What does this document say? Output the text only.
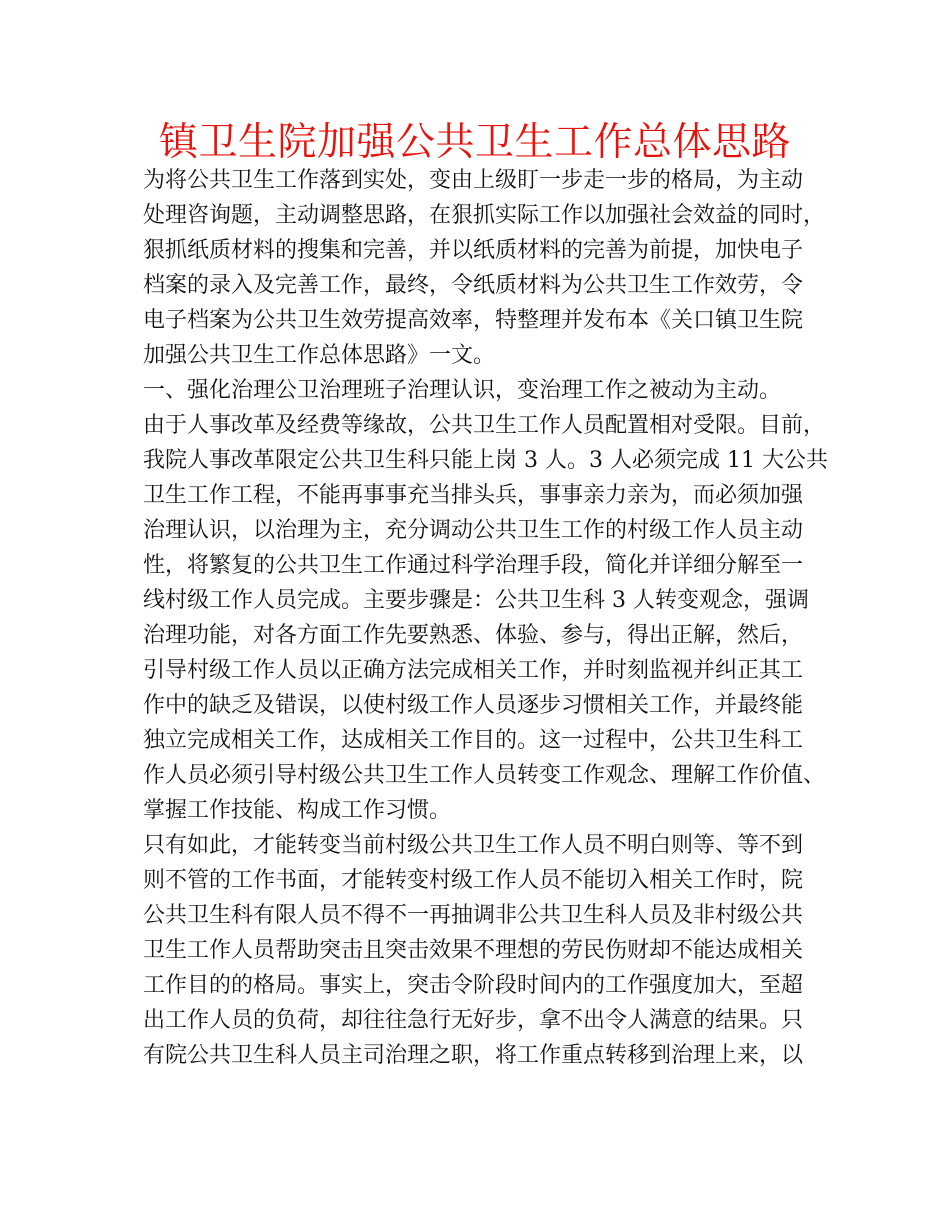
镇卫生院加强公共卫生工作总体思路

为将公共卫生工作落到实处，变由上级盯一步走一步的格局，为主动

处理咨询题，主动调整思路，在狠抓实际工作以加强社会效益的同时，

狠抓纸质材料的搜集和完善，并以纸质材料的完善为前提，加快电子

档案的录入及完善工作，最终，令纸质材料为公共卫生工作效劳，令

电子档案为公共卫生效劳提高效率，特整理并发布本《关口镇卫生院

加强公共卫生工作总体思路》一文。

一、强化治理公卫治理班子治理认识，变治理工作之被动为主动。

由于人事改革及经费等缘故，公共卫生工作人员配置相对受限。目前，

我院人事改革限定公共卫生科只能上岗 3 人。3 人必须完成 11 大公共

卫生工作工程，不能再事事充当排头兵，事事亲力亲为，而必须加强

治理认识，以治理为主，充分调动公共卫生工作的村级工作人员主动

性，将繁复的公共卫生工作通过科学治理手段，简化并详细分解至一

线村级工作人员完成。主要步骤是：公共卫生科 3 人转变观念，强调

治理功能，对各方面工作先要熟悉、体验、参与，得出正解，然后，

引导村级工作人员以正确方法完成相关工作，并时刻监视并纠正其工

作中的缺乏及错误，以使村级工作人员逐步习惯相关工作，并最终能

独立完成相关工作，达成相关工作目的。这一过程中，公共卫生科工

作人员必须引导村级公共卫生工作人员转变工作观念、理解工作价值、

掌握工作技能、构成工作习惯。

只有如此，才能转变当前村级公共卫生工作人员不明白则等、等不到

则不管的工作书面，才能转变村级工作人员不能切入相关工作时，院

公共卫生科有限人员不得不一再抽调非公共卫生科人员及非村级公共

卫生工作人员帮助突击且突击效果不理想的劳民伤财却不能达成相关

工作目的的格局。事实上，突击令阶段时间内的工作强度加大，至超

出工作人员的负荷，却往往急行无好步，拿不出令人满意的结果。只

有院公共卫生科人员主司治理之职，将工作重点转移到治理上来，以
